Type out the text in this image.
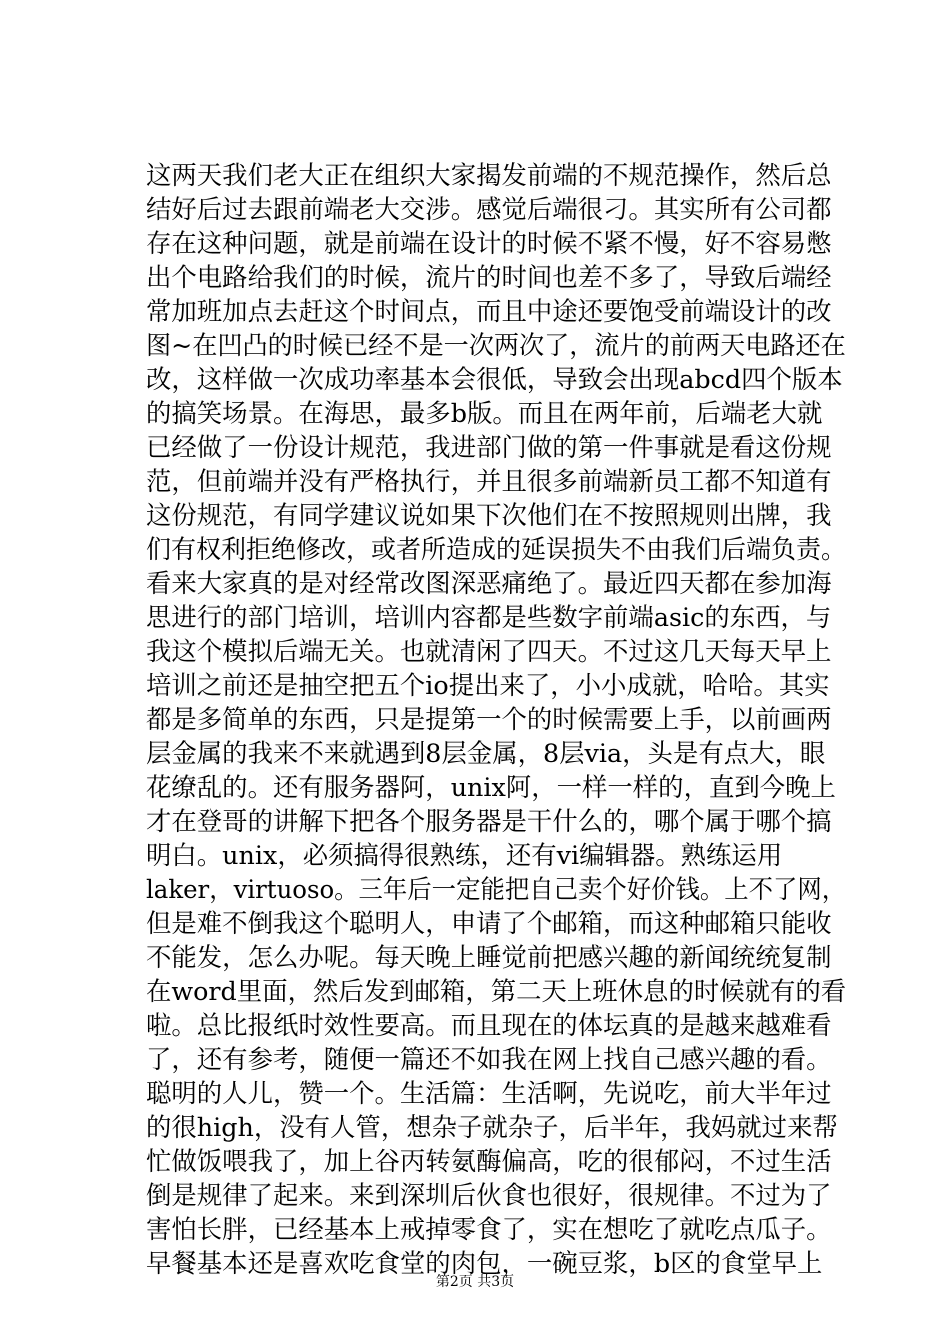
这两天我们老大正在组织大家揭发前端的不规范操作，然后总
结好后过去跟前端老大交涉。感觉后端很刁。其实所有公司都
存在这种问题，就是前端在设计的时候不紧不慢，好不容易憋
出个电路给我们的时候，流片的时间也差不多了，导致后端经
常加班加点去赶这个时间点，而且中途还要饱受前端设计的改
图~在凹凸的时候已经不是一次两次了，流片的前两天电路还在
改，这样做一次成功率基本会很低，导致会出现abcd四个版本
的搞笑场景。在海思，最多b版。而且在两年前，后端老大就
已经做了一份设计规范，我进部门做的第一件事就是看这份规
范，但前端并没有严格执行，并且很多前端新员工都不知道有
这份规范，有同学建议说如果下次他们在不按照规则出牌，我
们有权利拒绝修改，或者所造成的延误损失不由我们后端负责。
看来大家真的是对经常改图深恶痛绝了。最近四天都在参加海
思进行的部门培训，培训内容都是些数字前端asic的东西，与
我这个模拟后端无关。也就清闲了四天。不过这几天每天早上
培训之前还是抽空把五个io提出来了，小小成就，哈哈。其实
都是多简单的东西，只是提第一个的时候需要上手，以前画两
层金属的我来不来就遇到8层金属，8层via，头是有点大，眼
花缭乱的。还有服务器阿，unix阿，一样一样的，直到今晚上
才在登哥的讲解下把各个服务器是干什么的，哪个属于哪个搞
明白。unix，必须搞得很熟练，还有vi编辑器。熟练运用
laker，virtuoso。三年后一定能把自己卖个好价钱。上不了网，
但是难不倒我这个聪明人，申请了个邮箱，而这种邮箱只能收
不能发，怎么办呢。每天晚上睡觉前把感兴趣的新闻统统复制
在word里面，然后发到邮箱，第二天上班休息的时候就有的看
啦。总比报纸时效性要高。而且现在的体坛真的是越来越难看
了，还有参考，随便一篇还不如我在网上找自己感兴趣的看。
聪明的人儿，赞一个。生活篇：生活啊，先说吃，前大半年过
的很high，没有人管，想杂子就杂子，后半年，我妈就过来帮
忙做饭喂我了，加上谷丙转氨酶偏高，吃的很郁闷，不过生活
倒是规律了起来。来到深圳后伙食也很好，很规律。不过为了
害怕长胖，已经基本上戒掉零食了，实在想吃了就吃点瓜子。
早餐基本还是喜欢吃食堂的肉包，一碗豆浆，b区的食堂早上
第2页 共3页
